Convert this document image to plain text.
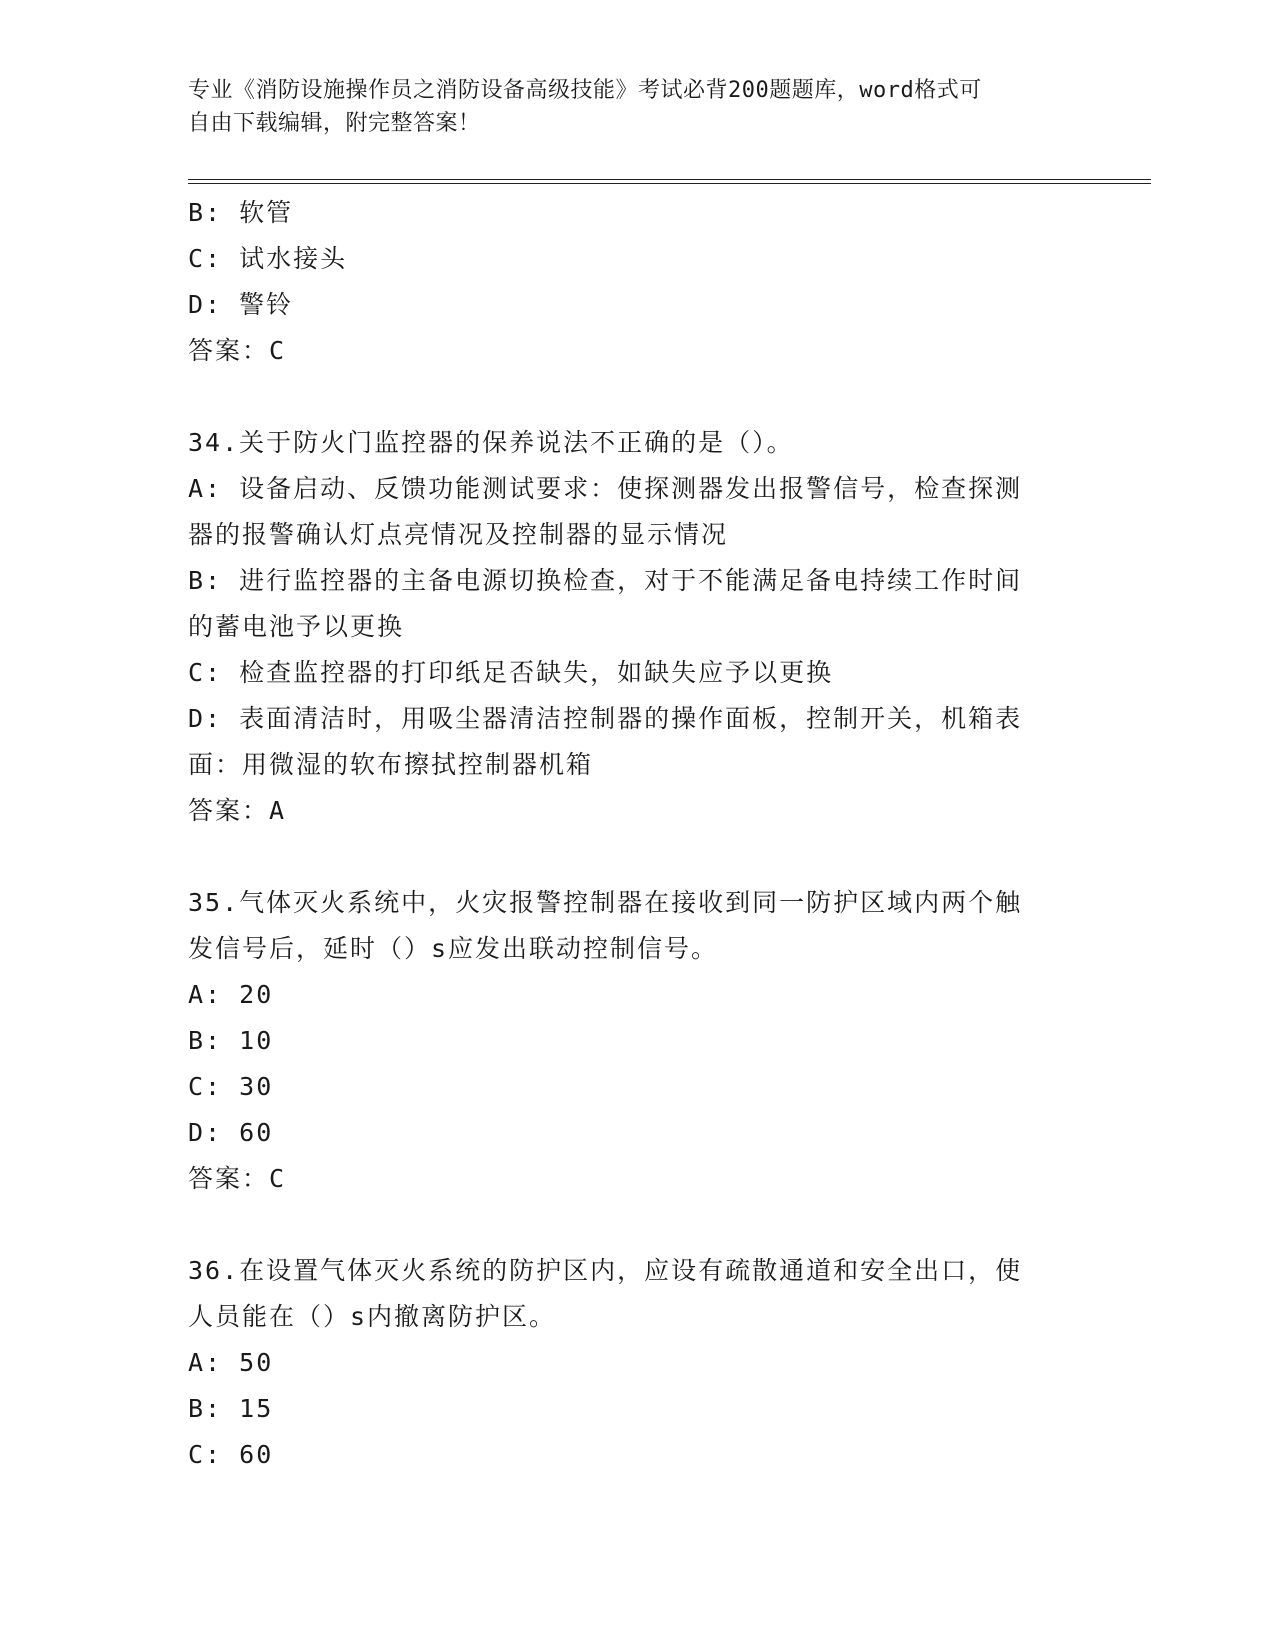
专业《消防设施操作员之消防设备高级技能》考试必背200题题库，word格式可
自由下载编辑，附完整答案！
B: 软管
C: 试水接头
D: 警铃
答案：C
34.关于防火门监控器的保养说法不正确的是（）。
A: 设备启动、反馈功能测试要求：使探测器发出报警信号，检查探测
器的报警确认灯点亮情况及控制器的显示情况
B: 进行监控器的主备电源切换检查，对于不能满足备电持续工作时间
的蓄电池予以更换
C: 检查监控器的打印纸足否缺失，如缺失应予以更换
D: 表面清洁时，用吸尘器清洁控制器的操作面板，控制开关，机箱表
面：用微湿的软布擦拭控制器机箱
答案：A
35.气体灭火系统中，火灾报警控制器在接收到同一防护区域内两个触
发信号后，延时（）s应发出联动控制信号。
A: 20
B: 10
C: 30
D: 60
答案：C
36.在设置气体灭火系统的防护区内，应设有疏散通道和安全出口，使
人员能在（）s内撤离防护区。
A: 50
B: 15
C: 60
